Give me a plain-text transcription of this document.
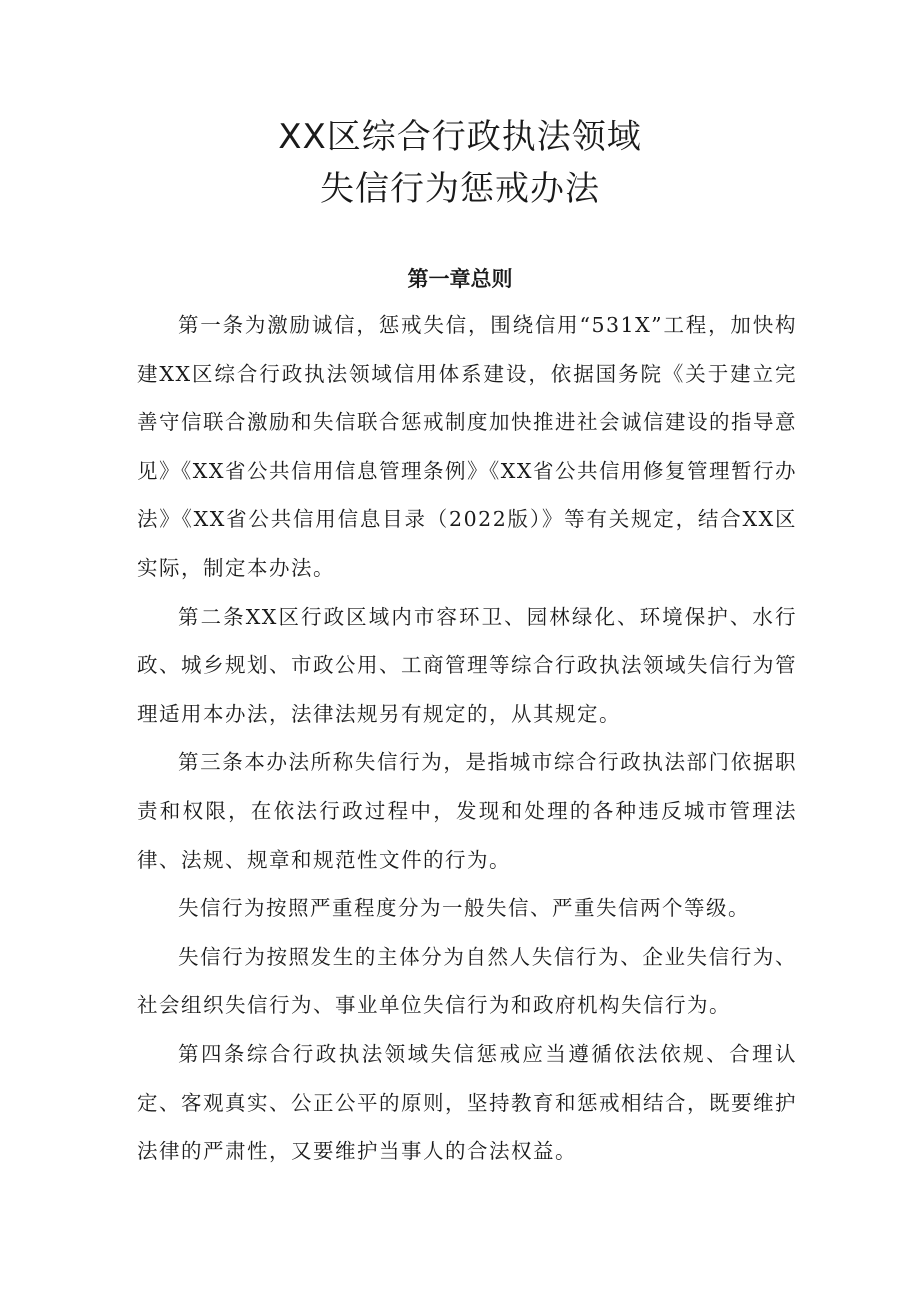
XX区综合行政执法领域
失信行为惩戒办法
第一章总则

第一条为激励诚信，惩戒失信，围绕信用“531X”工程，加快构建XX区综合行政执法领域信用体系建设，依据国务院《关于建立完善守信联合激励和失信联合惩戒制度加快推进社会诚信建设的指导意见》《XX省公共信用信息管理条例》《XX省公共信用修复管理暂行办法》《XX省公共信用信息目录（2022版）》等有关规定，结合XX区实际，制定本办法。

第二条XX区行政区域内市容环卫、园林绿化、环境保护、水行政、城乡规划、市政公用、工商管理等综合行政执法领域失信行为管理适用本办法，法律法规另有规定的，从其规定。

第三条本办法所称失信行为，是指城市综合行政执法部门依据职责和权限，在依法行政过程中，发现和处理的各种违反城市管理法律、法规、规章和规范性文件的行为。

失信行为按照严重程度分为一般失信、严重失信两个等级。

失信行为按照发生的主体分为自然人失信行为、企业失信行为、社会组织失信行为、事业单位失信行为和政府机构失信行为。

第四条综合行政执法领域失信惩戒应当遵循依法依规、合理认定、客观真实、公正公平的原则，坚持教育和惩戒相结合，既要维护法律的严肃性，又要维护当事人的合法权益。
